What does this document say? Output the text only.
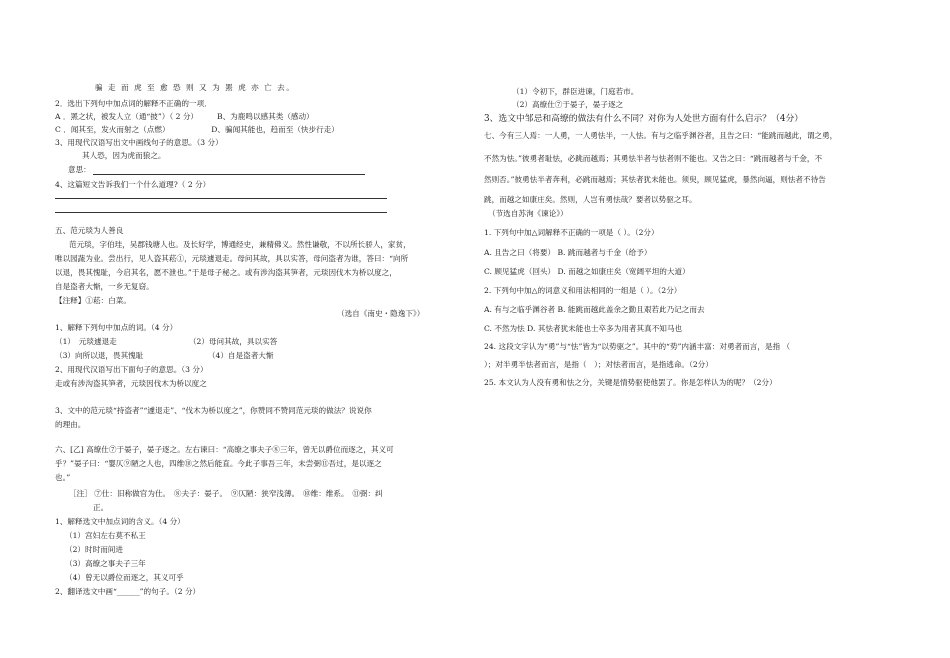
骗 走 而 虎 至 愈 恐 则 又 为 罴 虎 亦 亡 去。
2．选出下列句中加点词的解释不正确的一项．
A ．罴之状，被发人立（通“披”）（ 2 分）　　　B、为鹿鸣以感其类（感动）
C ．闻其至，发火而射之（点燃）　　　　　　D、骗闻其能也，趋而至（快步行走）
3、用现代汉语写出文中画线句子的意思。（3 分）
其人恐，因为虎而狼之。
意思：
4、这篇短文告诉我们一个什么道理?（ 2 分）
五、范元琰为人善良
范元琰，字伯珪，吴郡钱塘人也。及长好学，博通经史，兼精佛义。然性谦敬，不以所长骄人，家贫，
唯以园蔬为业。尝出行，见人盗其菘①，元琰遽退走。母问其故，具以实答，母问盗者为谁，答曰：“向所
以退，畏其愧耻，今启其名，愿不泄也。”于是母子秘之。或有涉沟盗其笋者，元琰因伐木为桥以度之，
自是盗者大惭，一乡无复窃。
【注释】①菘：白菜。
（选自《南史・隐逸下》）
1、解释下列句中加点的词。（4 分）
（1）　元琰遽退走　　　　　　　　　　（2）母问其故，具以实答
（3）向所以退，畏其愧耻　　　　　　　　　（4）自是盗者大惭
2、用现代汉语写出下面句子的意思。（3 分）
走或有涉沟盗其笋者，元琰因伐木为桥以度之
3、文中的范元琰“持盗者”“遽退走”、“伐木为桥以度之”，你赞同不赞同范元琰的做法？说说你
的理由。
六、[乙] 高缭仕⑦于晏子，晏子逐之。左右谏曰：“高缭之事夫子⑧三年，曾无以爵位而逐之，其义可
乎？”晏子曰：“婴仄⑨陋之人也，四维⑩之然后能直。今此子事吾三年，未尝弼⑪吾过，是以逐之
也。”
［注］ ⑦仕：旧称做官为仕。　⑧夫子：晏子。　⑨仄陋：狭窄浅薄。　⑩维：维系。　⑪弼：纠
正。
1、解释选文中加点词的含义。（4 分）
（1）宫妇左右莫不私王
（2）时时而间进
（3）高缭之事夫子三年
（4）曾无以爵位而逐之，其义可乎
2、翻译选文中画“______”的句子。（2 分）
（1）令初下，群臣进谏，门庭若市。
（2）高缭仕⑦于晏子，晏子逐之
3、选文中邹忌和高缭的做法有什么不同？对你为人处世方面有什么启示？（4分）
七、今有三人焉：一人勇，一人勇怯半，一人怯。有与之临乎渊谷者，且告之曰：“能跳而越此，谓之勇，
不然为怯。”彼勇者耻怯，必跳而越焉；其勇怯半者与怯者则不能也。又告之曰：“跳而越者与千金，不
然则否。”彼勇怯半者奔利，必跳而越焉；其怯者犹未能也。须臾，顾见猛虎，暴然向逼，则怯者不待告
跳，而越之如康庄矣。然则，人岂有勇怯哉？要者以势驱之耳。
（节选自苏洵《谏论》）
1. 下列句中加△词解释不正确的一项是（ ）。（2分）
A. 且告之曰（将要） B. 跳而越者与千金（给予）
C. 顾见猛虎（回头） D. 而越之如康庄矣（宽阔平坦的大道）
2. 下列句中加△的词意义和用法相同的一组是（ ）。（2分）
A. 有与之临乎渊谷者 B. 能跳而越此盖余之勤且艰若此乃记之而去
C. 不然为怯 D. 其怯者犹未能也士卒多为用者其真不知马也
24. 这段文字认为“勇”与“怯”皆为“以势驱之”。其中的“势”内涵丰富：对勇者而言，是指 （
）；对半勇半怯者而言，是指（　）；对怯者而言，是指逃命。（2分）
25. 本文认为人没有勇和怯之分，关键是情势驱使他罢了。你是怎样认为的呢？（2分）
